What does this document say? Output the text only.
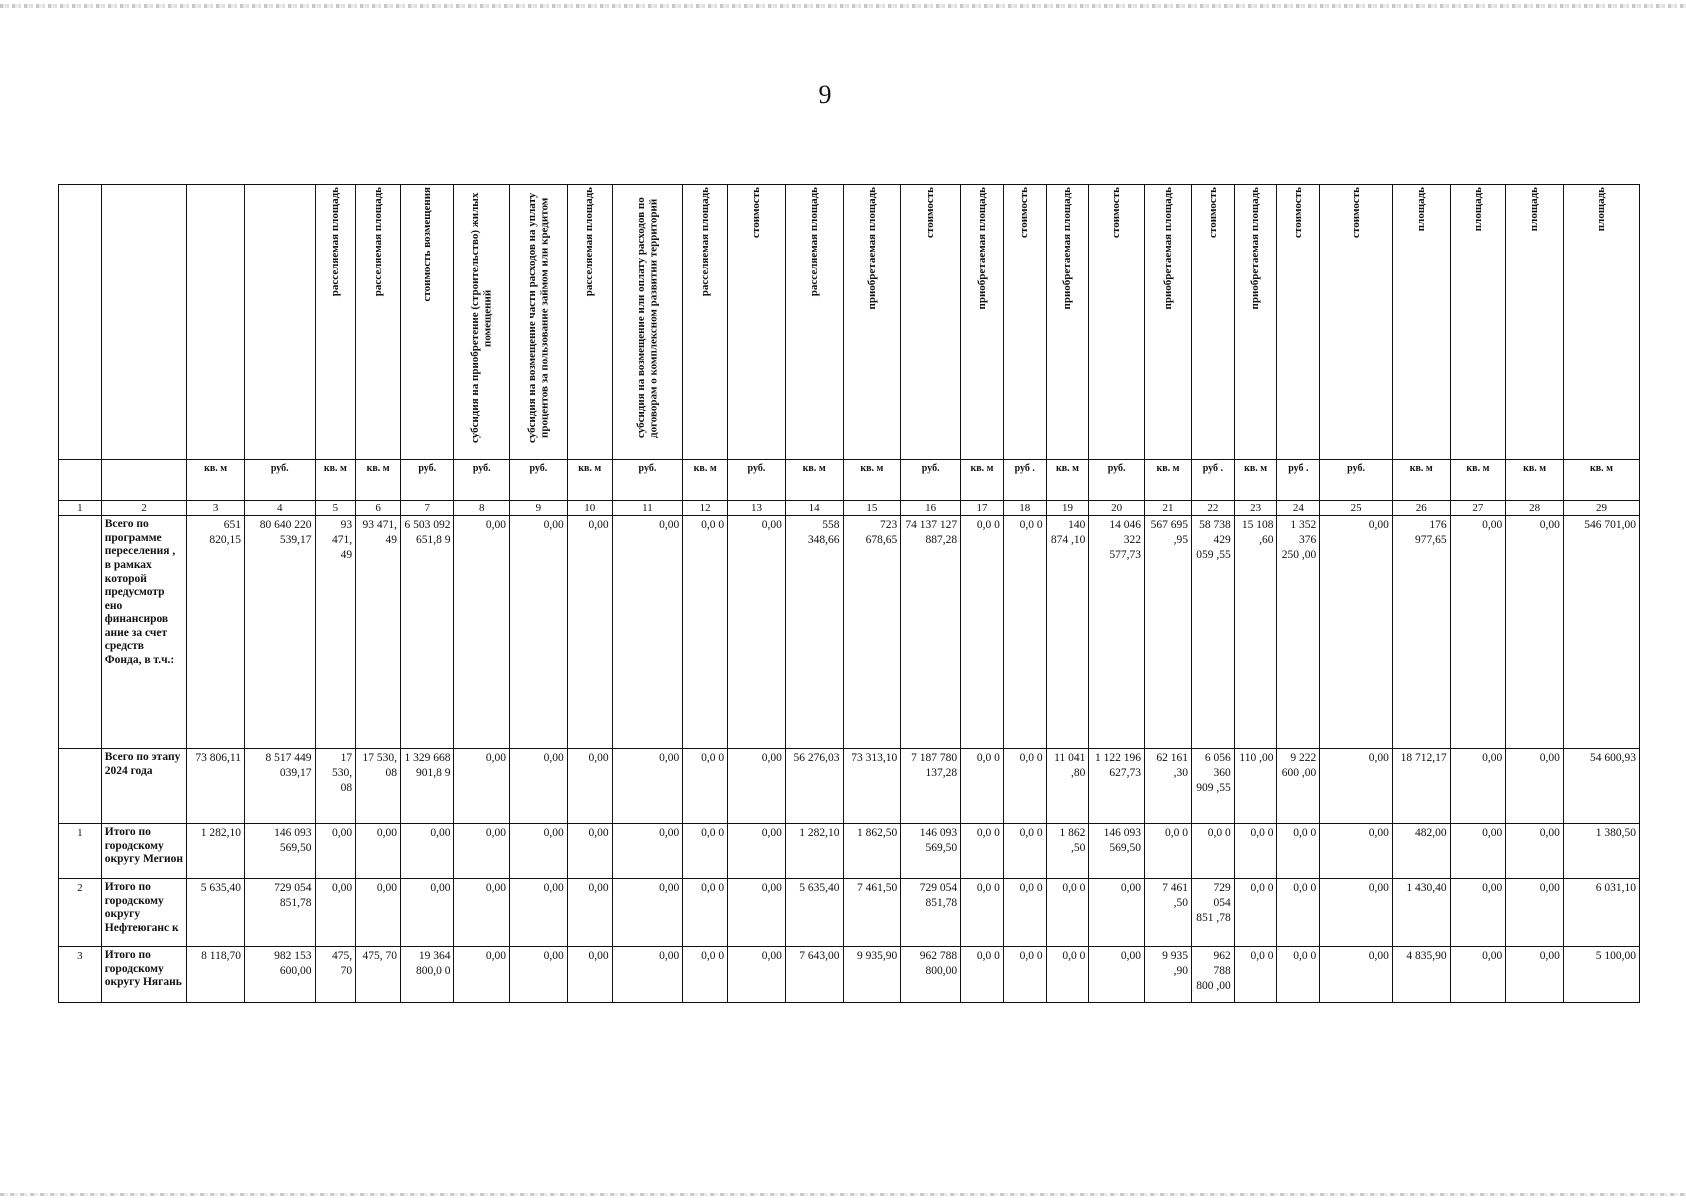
9
				расселяемая площадь	расселяемая площадь	стоимость возмещения	субсидия на приобретение (строительство) жилых помещений	субсидия на возмещение части расходов на уплату процентов за пользование займом или кредитом	расселяемая площадь	субсидия на возмещение или оплату расходов по договорам о комплексном развитии территорий	расселяемая площадь	стоимость	расселяемая площадь	приобретаемая площадь	стоимость	приобретаемая площадь	стоимость	приобретаемая площадь	стоимость	приобретаемая площадь	стоимость	приобретаемая площадь	стоимость	стоимость	площадь	площадь	площадь	площадь
		кв. м	руб.	кв. м	кв. м	руб.	руб.	руб.	кв. м	руб.	кв. м	руб.	кв. м	кв. м	руб.	кв. м	руб .	кв. м	руб.	кв. м	руб .	кв. м	руб .	руб.	кв. м	кв. м	кв. м	кв. м
1	2	3	4	5	6	7	8	9	10	11	12	13	14	15	16	17	18	19	20	21	22	23	24	25	26	27	28	29
	Всего по программе переселения , в рамках которой предусмотр ено финансиров ание за счет средств Фонда, в т.ч.:	651 820,15	80 640 220 539,17	93 471, 49	93 471, 49	6 503 092 651,8 9	0,00	0,00	0,00	0,00	0,0 0	0,00	558 348,66	723 678,65	74 137 127 887,28	0,0 0	0,0 0	140 874 ,10	14 046 322 577,73	567 695 ,95	58 738 429 059 ,55	15 108 ,60	1 352 376 250 ,00	0,00	176 977,65	0,00	0,00	546 701,00
	Всего по этапу 2024 года	73 806,11	8 517 449 039,17	17 530, 08	17 530, 08	1 329 668 901,8 9	0,00	0,00	0,00	0,00	0,0 0	0,00	56 276,03	73 313,10	7 187 780 137,28	0,0 0	0,0 0	11 041 ,80	1 122 196 627,73	62 161 ,30	6 056 360 909 ,55	110 ,00	9 222 600 ,00	0,00	18 712,17	0,00	0,00	54 600,93
1	Итого по городскому округу Мегион	1 282,10	146 093 569,50	0,00	0,00	0,00	0,00	0,00	0,00	0,00	0,0 0	0,00	1 282,10	1 862,50	146 093 569,50	0,0 0	0,0 0	1 862 ,50	146 093 569,50	0,0 0	0,0 0	0,0 0	0,0 0	0,00	482,00	0,00	0,00	1 380,50
2	Итого по городскому округу Нефтеюганс к	5 635,40	729 054 851,78	0,00	0,00	0,00	0,00	0,00	0,00	0,00	0,0 0	0,00	5 635,40	7 461,50	729 054 851,78	0,0 0	0,0 0	0,0 0	0,00	7 461 ,50	729 054 851 ,78	0,0 0	0,0 0	0,00	1 430,40	0,00	0,00	6 031,10
3	Итого по городскому округу Нягань	8 118,70	982 153 600,00	475, 70	475, 70	19 364 800,0 0	0,00	0,00	0,00	0,00	0,0 0	0,00	7 643,00	9 935,90	962 788 800,00	0,0 0	0,0 0	0,0 0	0,00	9 935 ,90	962 788 800 ,00	0,0 0	0,0 0	0,00	4 835,90	0,00	0,00	5 100,00
